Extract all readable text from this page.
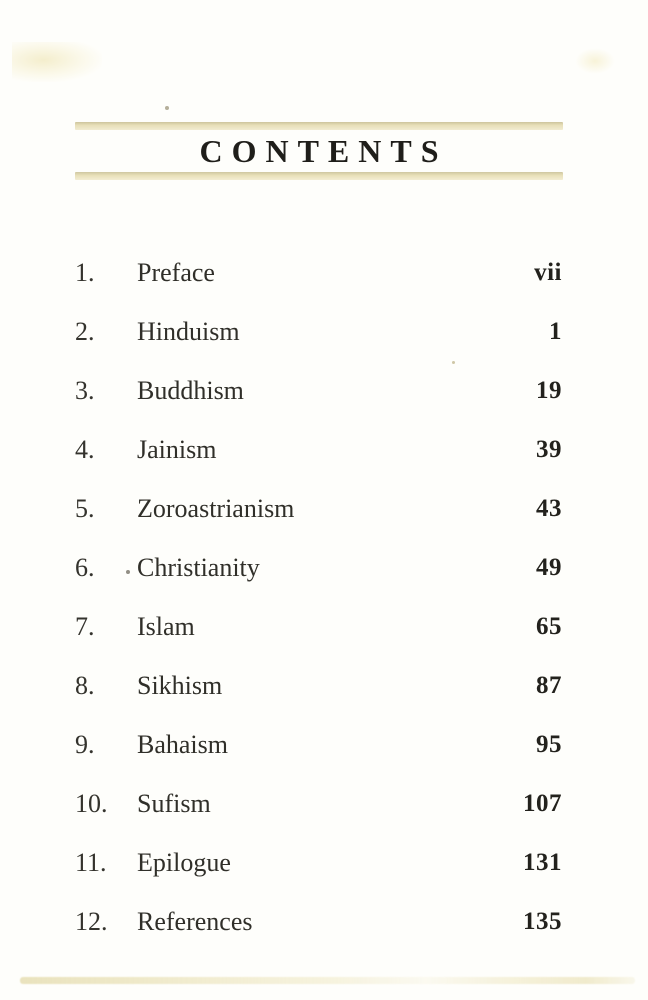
CONTENTS
1.	Preface	vii
2.	Hinduism	1
3.	Buddhism	19
4.	Jainism	39
5.	Zoroastrianism	43
6.	Christianity	49
7.	Islam	65
8.	Sikhism	87
9.	Bahaism	95
10.	Sufism	107
11.	Epilogue	131
12.	References	135
